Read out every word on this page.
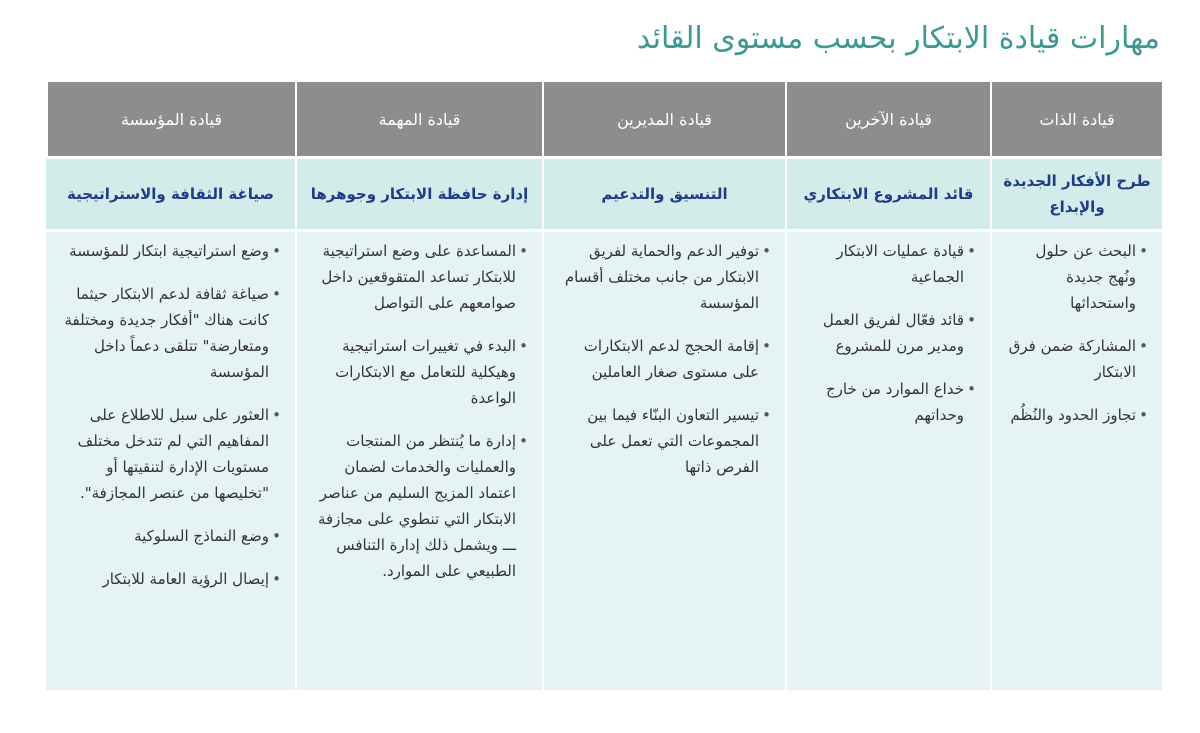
مهارات قيادة الابتكار بحسب مستوى القائد
قيادة الذات
قيادة الآخرين
قيادة المديرين
قيادة المهمة
قيادة المؤسسة
طرح الأفكار الجديدة والإبداع
قائد المشروع الابتكاري
التنسيق والتدعيم
إدارة حافظة الابتكار وجوهرها
صياغة الثقافة والاستراتيجية
• البحث عن حلول ونُهج جديدة واستحداثها
• المشاركة ضمن فرق الابتكار
• تجاوز الحدود والنُظُم
• قيادة عمليات الابتكار الجماعية
• قائد فعّال لفريق العمل ومدير مرن للمشروع
• خداع الموارد من خارج وحداتهم
• توفير الدعم والحماية لفريق الابتكار من جانب مختلف أقسام المؤسسة
• إقامة الحجج لدعم الابتكارات على مستوى صغار العاملين
• تيسير التعاون البنّاء فيما بين المجموعات التي تعمل على الفرص ذاتها
• المساعدة على وضع استراتيجية للابتكار تساعد المتقوقعين داخل صوامعهم على التواصل
• البدء في تغييرات استراتيجية وهيكلية للتعامل مع الابتكارات الواعدة
• إدارة ما يُنتظر من المنتجات والعمليات والخدمات لضمان اعتماد المزيج السليم من عناصر الابتكار التي تنطوي على مجازفة ـــ ويشمل ذلك إدارة التنافس الطبيعي على الموارد.
• وضع استراتيجية ابتكار للمؤسسة
• صياغة ثقافة لدعم الابتكار حيثما كانت هناك "أفكار جديدة ومختلفة ومتعارضة" تتلقى دعماً داخل المؤسسة
• العثور على سبل للاطلاع على المفاهيم التي لم تتدخل مختلف مستويات الإدارة لتنقيتها أو "تخليصها من عنصر المجازفة".
• وضع النماذج السلوكية
• إيصال الرؤية العامة للابتكار
